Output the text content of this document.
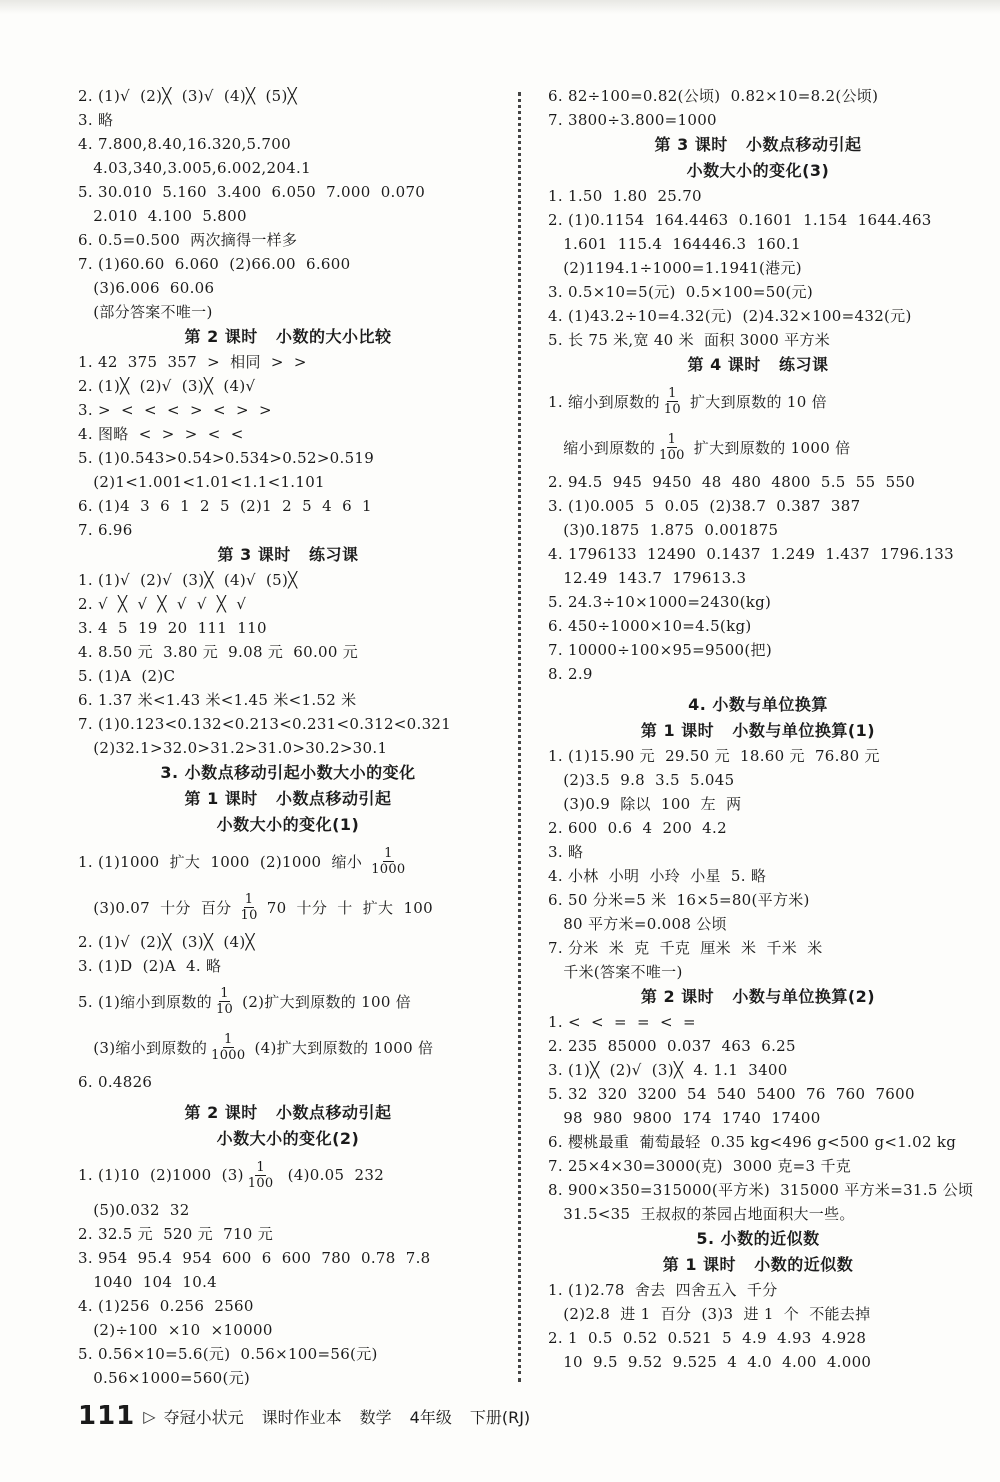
2. (1)√  (2)╳  (3)√  (4)╳  (5)╳
3. 略
4. 7.800,8.40,16.320,5.700
4.03,340,3.005,6.002,204.1
5. 30.010  5.160  3.400  6.050  7.000  0.070
2.010  4.100  5.800
6. 0.5=0.500  两次摘得一样多
7. (1)60.60  6.060  (2)66.00  6.600
(3)6.006  60.06
(部分答案不唯一)
第 2 课时   小数的大小比较
1. 42  375  357  >  相同  >  >
2. (1)╳  (2)√  (3)╳  (4)√
3. >  <  <  <  >  <  >  >
4. 图略  <  >  >  <  <
5. (1)0.543>0.54>0.534>0.52>0.519
(2)1<1.001<1.01<1.1<1.101
6. (1)4  3  6  1  2  5  (2)1  2  5  4  6  1
7. 6.96
第 3 课时   练习课
1. (1)√  (2)√  (3)╳  (4)√  (5)╳
2. √  ╳  √  ╳  √  √  ╳  √
3. 4  5  19  20  111  110
4. 8.50 元  3.80 元  9.08 元  60.00 元
5. (1)A  (2)C
6. 1.37 米<1.43 米<1.45 米<1.52 米
7. (1)0.123<0.132<0.213<0.231<0.312<0.321
(2)32.1>32.0>31.2>31.0>30.2>30.1
3. 小数点移动引起小数大小的变化
第 1 课时   小数点移动引起
小数大小的变化(1)
1. (1)1000  扩大  1000  (2)1000  缩小 $\frac{1}{1000}$
(3)0.07  十分  百分 $\frac{1}{10} 70$  十分  十  扩大  100
2. (1)√  (2)╳  (3)╳  (4)╳
3. (1)D  (2)A  4. 略
5. (1)缩小到原数的 $\frac{1}{10} (2)$扩大到原数的 100 倍
(3)缩小到原数的 $\frac{1}{1000} (4)$扩大到原数的 1000 倍
6. 0.4826
第 2 课时   小数点移动引起
小数大小的变化(2)
1. (1)10  (2)1000  $(3) \frac{1}{100} (4)0.05$  232
(5)0.032  32
2. 32.5 元  520 元  710 元
3. 954  95.4  954  600  6  600  780  0.78  7.8
1040  104  10.4
4. (1)256  0.256  2560
(2)÷100  ×10  ×10000
5. 0.56×10=5.6(元)  0.56×100=56(元)
0.56×1000=560(元)
6. 82÷100=0.82(公顷)  0.82×10=8.2(公顷)
7. 3800÷3.800=1000
第 3 课时   小数点移动引起
小数大小的变化(3)
1. 1.50  1.80  25.70
2. (1)0.1154  164.4463  0.1601  1.154  1644.463
1.601  115.4  164446.3  160.1
(2)1194.1÷1000=1.1941(港元)
3. 0.5×10=5(元)  0.5×100=50(元)
4. (1)43.2÷10=4.32(元)  (2)4.32×100=432(元)
5. 长 75 米,宽 40 米  面积 3000 平方米
第 4 课时   练习课
1. 缩小到原数的 $\frac{1}{10}$ 扩大到原数的 10 倍
缩小到原数的 $\frac{1}{100}$ 扩大到原数的 1000 倍
2. 94.5  945  9450  48  480  4800  5.5  55  550
3. (1)0.005  5  0.05  (2)38.7  0.387  387
(3)0.1875  1.875  0.001875
4. 1796133  12490  0.1437  1.249  1.437  1796.133
12.49  143.7  179613.3
5. 24.3÷10×1000=2430(kg)
6. 450÷1000×10=4.5(kg)
7. 10000÷100×95=9500(把)
8. 2.9
4. 小数与单位换算
第 1 课时   小数与单位换算(1)
1. (1)15.90 元  29.50 元  18.60 元  76.80 元
(2)3.5  9.8  3.5  5.045
(3)0.9  除以  100  左  两
2. 600  0.6  4  200  4.2
3. 略
4. 小林  小明  小玲  小星  5. 略
6. 50 分米=5 米  16×5=80(平方米)
80 平方米=0.008 公顷
7. 分米  米  克  千克  厘米  米  千米  米
千米(答案不唯一)
第 2 课时   小数与单位换算(2)
1. <  <  =  =  <  =
2. 235  85000  0.037  463  6.25
3. (1)╳  (2)√  (3)╳  4. 1.1  3400
5. 32  320  3200  54  540  5400  76  760  7600
98  980  9800  174  1740  17400
6. 樱桃最重  葡萄最轻  0.35 kg<496 g<500 g<1.02 kg
7. 25×4×30=3000(克)  3000 克=3 千克
8. 900×350=315000(平方米)  315000 平方米=31.5 公顷
31.5<35  王叔叔的茶园占地面积大一些。
5. 小数的近似数
第 1 课时   小数的近似数
1. (1)2.78  舍去  四舍五入  千分
(2)2.8  进 1  百分  (3)3  进 1  个  不能去掉
2. 1  0.5  0.52  0.521  5  4.9  4.93  4.928
10  9.5  9.52  9.525  4  4.0  4.00  4.000
111 ▷ 夺冠小状元 课时作业本 数学 4年级 下册(RJ)
